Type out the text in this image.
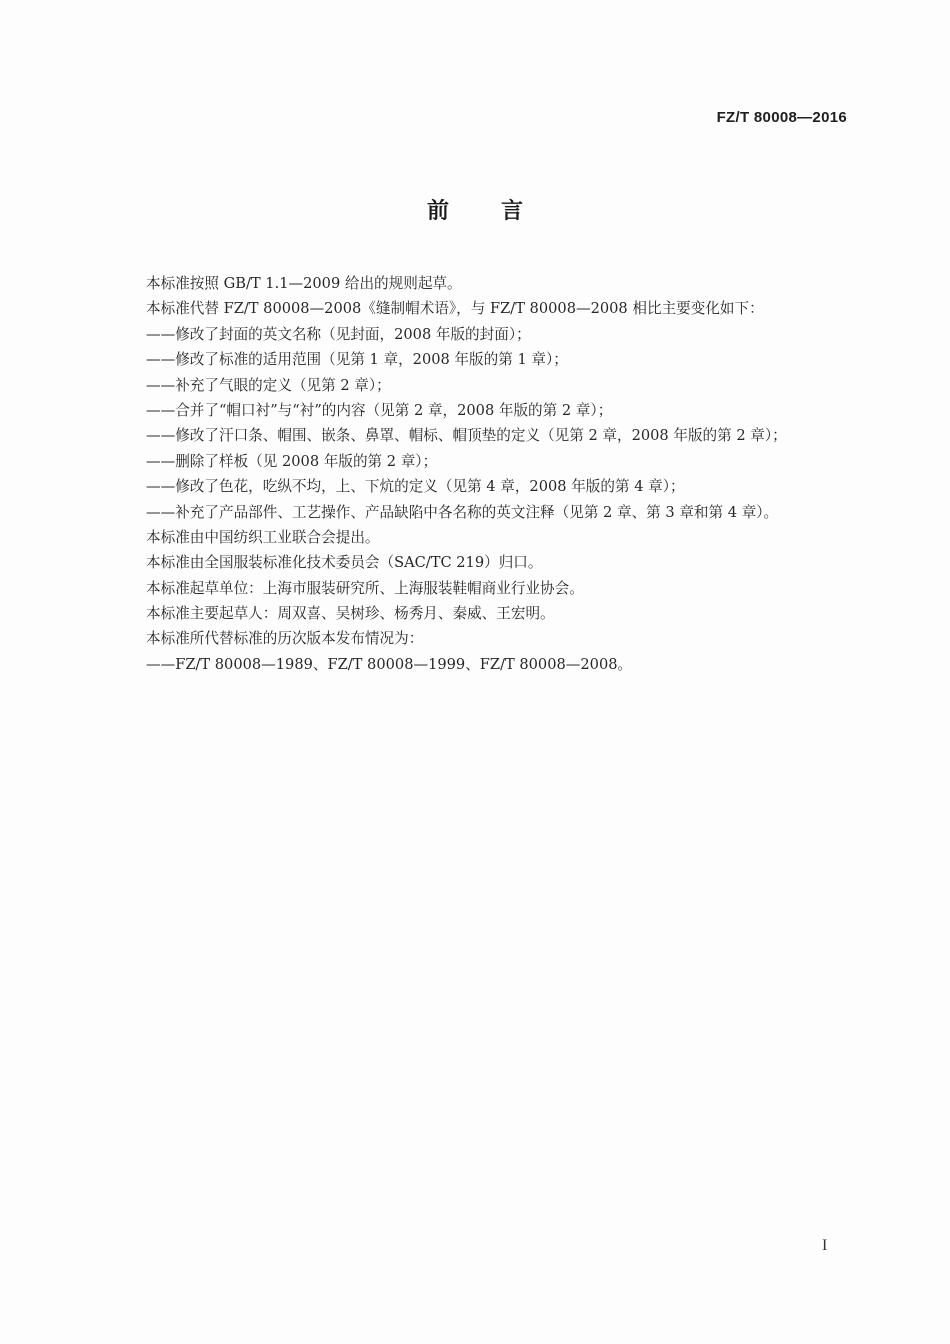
FZ/T 80008—2016
前言
本标准按照 GB/T 1.1—2009 给出的规则起草。
本标准代替 FZ/T 80008—2008《缝制帽术语》，与 FZ/T 80008—2008 相比主要变化如下：
——修改了封面的英文名称（见封面，2008 年版的封面）；
——修改了标准的适用范围（见第 1 章，2008 年版的第 1 章）；
——补充了气眼的定义（见第 2 章）；
——合并了“帽口衬”与“衬”的内容（见第 2 章，2008 年版的第 2 章）；
——修改了汗口条、帽围、嵌条、鼻罩、帽标、帽顶垫的定义（见第 2 章，2008 年版的第 2 章）；
——删除了样板（见 2008 年版的第 2 章）；
——修改了色花，吃纵不均，上、下炕的定义（见第 4 章，2008 年版的第 4 章）；
——补充了产品部件、工艺操作、产品缺陷中各名称的英文注释（见第 2 章、第 3 章和第 4 章）。
本标准由中国纺织工业联合会提出。
本标准由全国服装标准化技术委员会（SAC/TC 219）归口。
本标准起草单位：上海市服装研究所、上海服装鞋帽商业行业协会。
本标准主要起草人：周双喜、吴树珍、杨秀月、秦威、王宏明。
本标准所代替标准的历次版本发布情况为：
——FZ/T 80008—1989、FZ/T 80008—1999、FZ/T 80008—2008。
I
